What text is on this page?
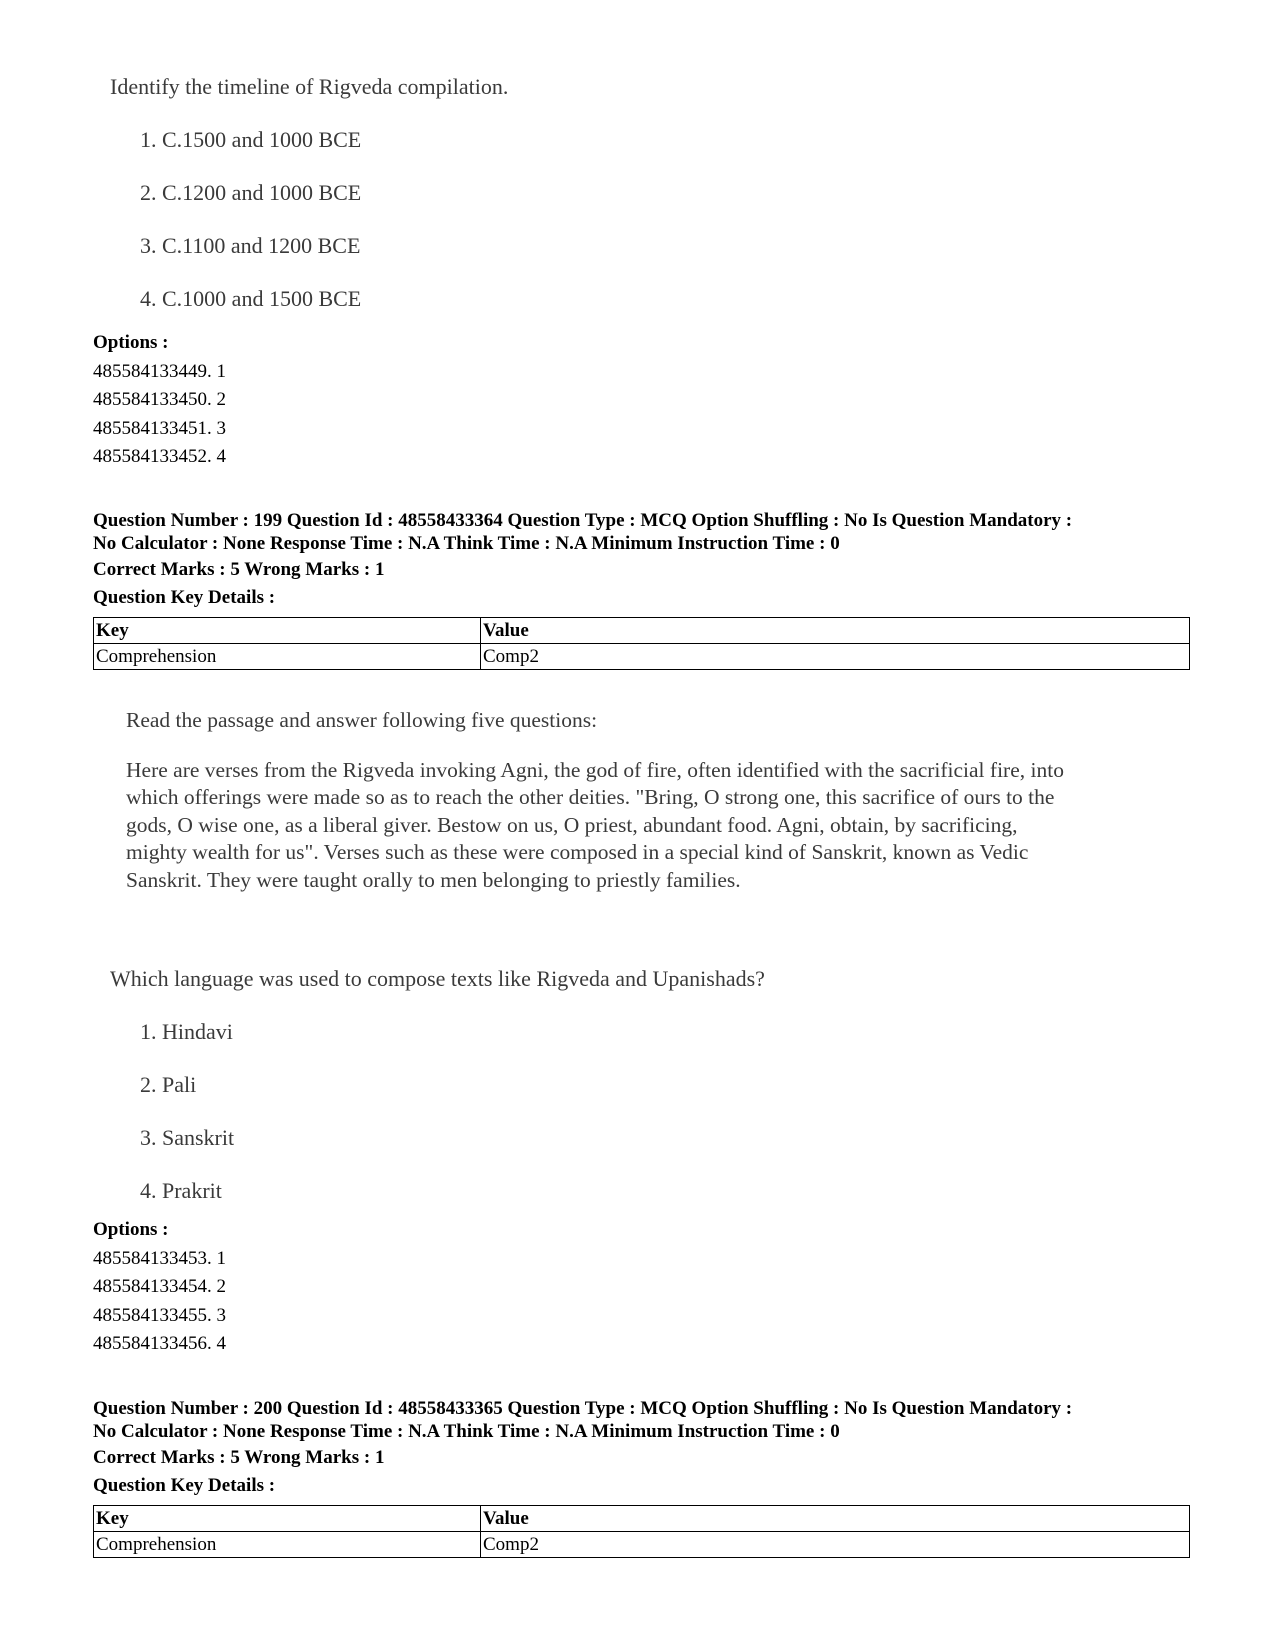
Identify the timeline of Rigveda compilation.
1. C.1500 and 1000 BCE
2. C.1200 and 1000 BCE
3. C.1100 and 1200 BCE
4. C.1000 and 1500 BCE
Options :
485584133449. 1
485584133450. 2
485584133451. 3
485584133452. 4
Question Number : 199 Question Id : 48558433364 Question Type : MCQ Option Shuffling : No Is Question Mandatory :
No Calculator : None Response Time : N.A Think Time : N.A Minimum Instruction Time : 0
Correct Marks : 5 Wrong Marks : 1
Question Key Details :
Key	Value
Comprehension	Comp2
Read the passage and answer following five questions:
Here are verses from the Rigveda invoking Agni, the god of fire, often identified with the sacrificial fire, into
which offerings were made so as to reach the other deities. "Bring, O strong one, this sacrifice of ours to the
gods, O wise one, as a liberal giver. Bestow on us, O priest, abundant food. Agni, obtain, by sacrificing,
mighty wealth for us". Verses such as these were composed in a special kind of Sanskrit, known as Vedic
Sanskrit. They were taught orally to men belonging to priestly families.
Which language was used to compose texts like Rigveda and Upanishads?
1. Hindavi
2. Pali
3. Sanskrit
4. Prakrit
Options :
485584133453. 1
485584133454. 2
485584133455. 3
485584133456. 4
Question Number : 200 Question Id : 48558433365 Question Type : MCQ Option Shuffling : No Is Question Mandatory :
No Calculator : None Response Time : N.A Think Time : N.A Minimum Instruction Time : 0
Correct Marks : 5 Wrong Marks : 1
Question Key Details :
Key	Value
Comprehension	Comp2
